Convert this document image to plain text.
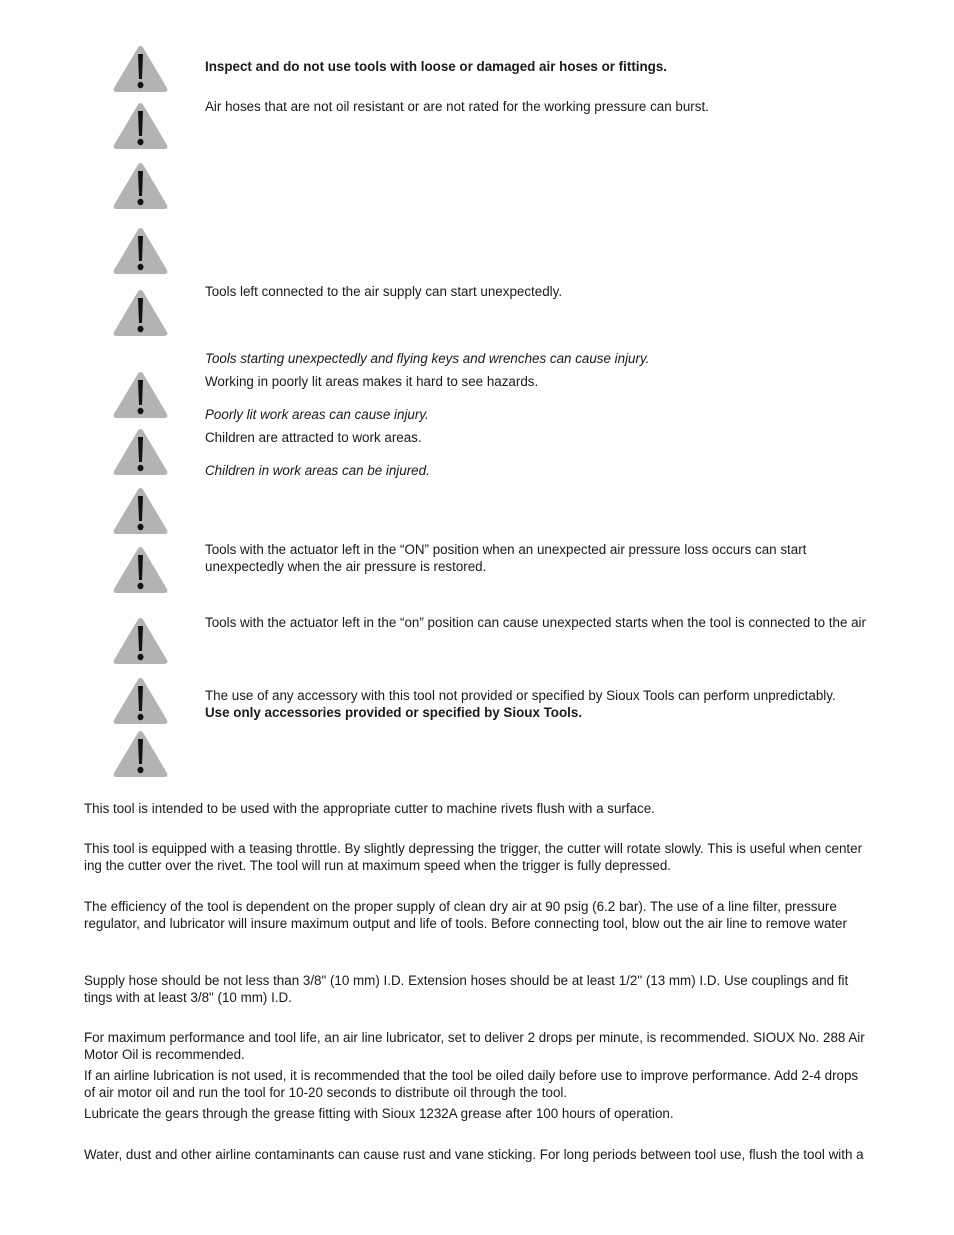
Inspect and do not use tools with loose or damaged air hoses or fittings.

Air hoses that are not oil resistant or are not rated for the working pressure can burst.

Tools left connected to the air supply can start unexpectedly.

Tools starting unexpectedly and flying keys and wrenches can cause injury.

Working in poorly lit areas makes it hard to see hazards.

Poorly lit work areas can cause injury.

Children are attracted to work areas.

Children in work areas can be injured.

Tools with the actuator left in the “ON” position when an unexpected air pressure loss occurs can start

unexpectedly when the air pressure is restored.

Tools with the actuator left in the “on” position can cause unexpected starts when the tool is connected to the air

The use of any accessory with this tool not provided or specified by Sioux Tools can perform unpredictably.

Use only accessories provided or specified by Sioux Tools.

This tool is intended to be used with the appropriate cutter to machine rivets flush with a surface.

This tool is equipped with a teasing throttle. By slightly depressing the trigger, the cutter will rotate slowly. This is useful when center

ing the cutter over the rivet. The tool will run at maximum speed when the trigger is fully depressed.

The efficiency of the tool is dependent on the proper supply of clean dry air at 90 psig (6.2 bar). The use of a line filter, pressure

regulator, and lubricator will insure maximum output and life of tools. Before connecting tool, blow out the air line to remove water

Supply hose should be not less than 3/8" (10 mm) I.D. Extension hoses should be at least 1/2" (13 mm) I.D. Use couplings and fit

tings with at least 3/8" (10 mm) I.D.

For maximum performance and tool life, an air line lubricator, set to deliver 2 drops per minute, is recommended. SIOUX No. 288 Air

Motor Oil is recommended.

If an airline lubrication is not used, it is recommended that the tool be oiled daily before use to improve performance. Add 2-4 drops

of air motor oil and run the tool for 10-20 seconds to distribute oil through the tool.

Lubricate the gears through the grease fitting with Sioux 1232A grease after 100 hours of operation.

Water, dust and other airline contaminants can cause rust and vane sticking. For long periods between tool use, flush the tool with a
